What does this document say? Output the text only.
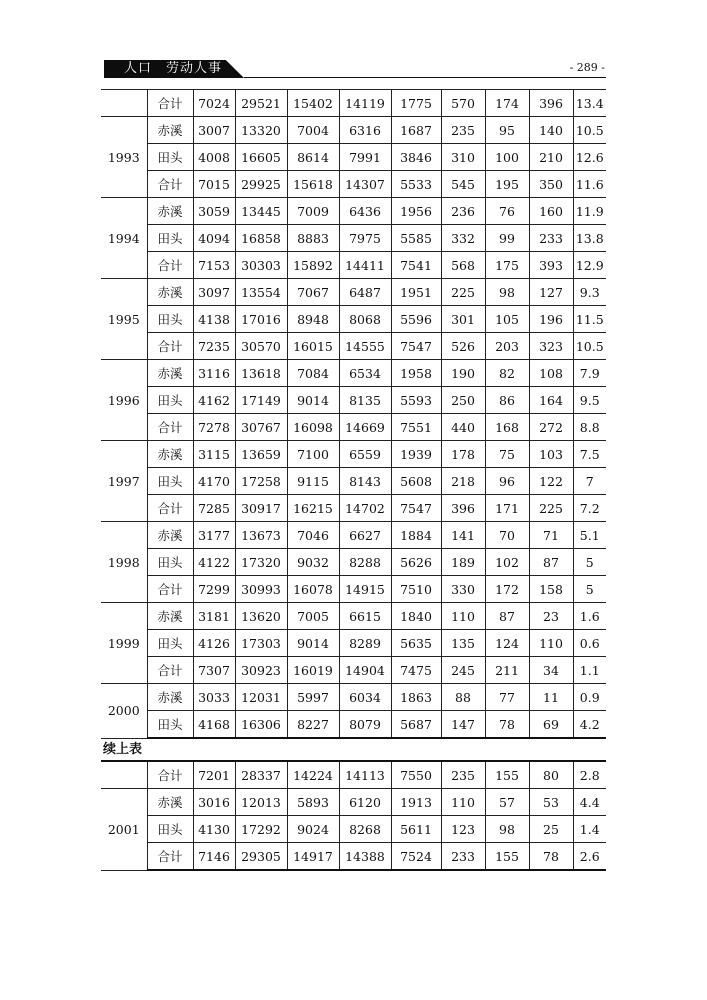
人口　劳动人事	- 289 -
	合计	7024	29521	15402	14119	1775	570	174	396	13.4
1993	赤溪	3007	13320	7004	6316	1687	235	95	140	10.5
	田头	4008	16605	8614	7991	3846	310	100	210	12.6
	合计	7015	29925	15618	14307	5533	545	195	350	11.6
1994	赤溪	3059	13445	7009	6436	1956	236	76	160	11.9
	田头	4094	16858	8883	7975	5585	332	99	233	13.8
	合计	7153	30303	15892	14411	7541	568	175	393	12.9
1995	赤溪	3097	13554	7067	6487	1951	225	98	127	9.3
	田头	4138	17016	8948	8068	5596	301	105	196	11.5
	合计	7235	30570	16015	14555	7547	526	203	323	10.5
1996	赤溪	3116	13618	7084	6534	1958	190	82	108	7.9
	田头	4162	17149	9014	8135	5593	250	86	164	9.5
	合计	7278	30767	16098	14669	7551	440	168	272	8.8
1997	赤溪	3115	13659	7100	6559	1939	178	75	103	7.5
	田头	4170	17258	9115	8143	5608	218	96	122	7
	合计	7285	30917	16215	14702	7547	396	171	225	7.2
1998	赤溪	3177	13673	7046	6627	1884	141	70	71	5.1
	田头	4122	17320	9032	8288	5626	189	102	87	5
	合计	7299	30993	16078	14915	7510	330	172	158	5
1999	赤溪	3181	13620	7005	6615	1840	110	87	23	1.6
	田头	4126	17303	9014	8289	5635	135	124	110	0.6
	合计	7307	30923	16019	14904	7475	245	211	34	1.1
2000	赤溪	3033	12031	5997	6034	1863	88	77	11	0.9
	田头	4168	16306	8227	8079	5687	147	78	69	4.2
续上表
	合计	7201	28337	14224	14113	7550	235	155	80	2.8
2001	赤溪	3016	12013	5893	6120	1913	110	57	53	4.4
	田头	4130	17292	9024	8268	5611	123	98	25	1.4
	合计	7146	29305	14917	14388	7524	233	155	78	2.6
